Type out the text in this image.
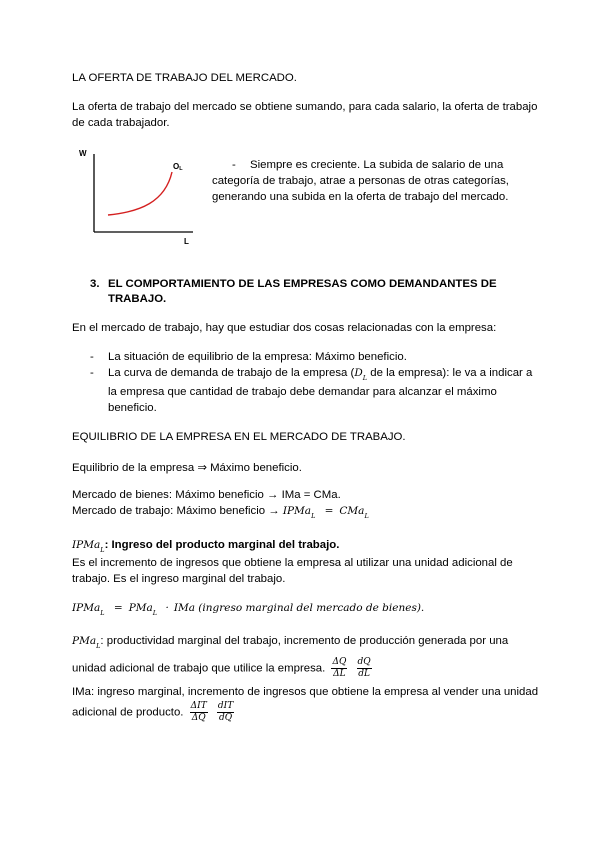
LA OFERTA DE TRABAJO DEL MERCADO.
La oferta de trabajo del mercado se obtiene sumando, para cada salario, la oferta de trabajo
de cada trabajador.
W
OL
L
- Siempre es creciente. La subida de salario de una
categoría de trabajo, atrae a personas de otras categorías,
generando una subida en la oferta de trabajo del mercado.
3. EL COMPORTAMIENTO DE LAS EMPRESAS COMO DEMANDANTES DE
TRABAJO.
En el mercado de trabajo, hay que estudiar dos cosas relacionadas con la empresa:
- La situación de equilibrio de la empresa: Máximo beneficio.
- La curva de demanda de trabajo de la empresa ($D_L$ de la empresa): le va a indicar a
la empresa que cantidad de trabajo debe demandar para alcanzar el máximo
beneficio.
EQUILIBRIO DE LA EMPRESA EN EL MERCADO DE TRABAJO.
Equilibrio de la empresa ⇒ Máximo beneficio.
Mercado de bienes: Máximo beneficio → IMa = CMa.
Mercado de trabajo: Máximo beneficio → IPMa$_L$ = CMa$_L$
IPMa$_L$: Ingreso del producto marginal del trabajo.
Es el incremento de ingresos que obtiene la empresa al utilizar una unidad adicional de
trabajo. Es el ingreso marginal del trabajo.
IPMa$_L$ = PMa$_L$ · IMa (ingreso marginal del mercado de bienes).
PMa$_L$: productividad marginal del trabajo, incremento de producción generada por una
unidad adicional de trabajo que utilice la empresa. $\frac{\Delta Q}{\Delta L}$
$\frac{dQ}{dL}$
IMa: ingreso marginal, incremento de ingresos que obtiene la empresa al vender una unidad
adicional de producto. $\frac{\text{ΔIT}}{\Delta Q}$
$\frac{\text{dIT}}{dQ}$
